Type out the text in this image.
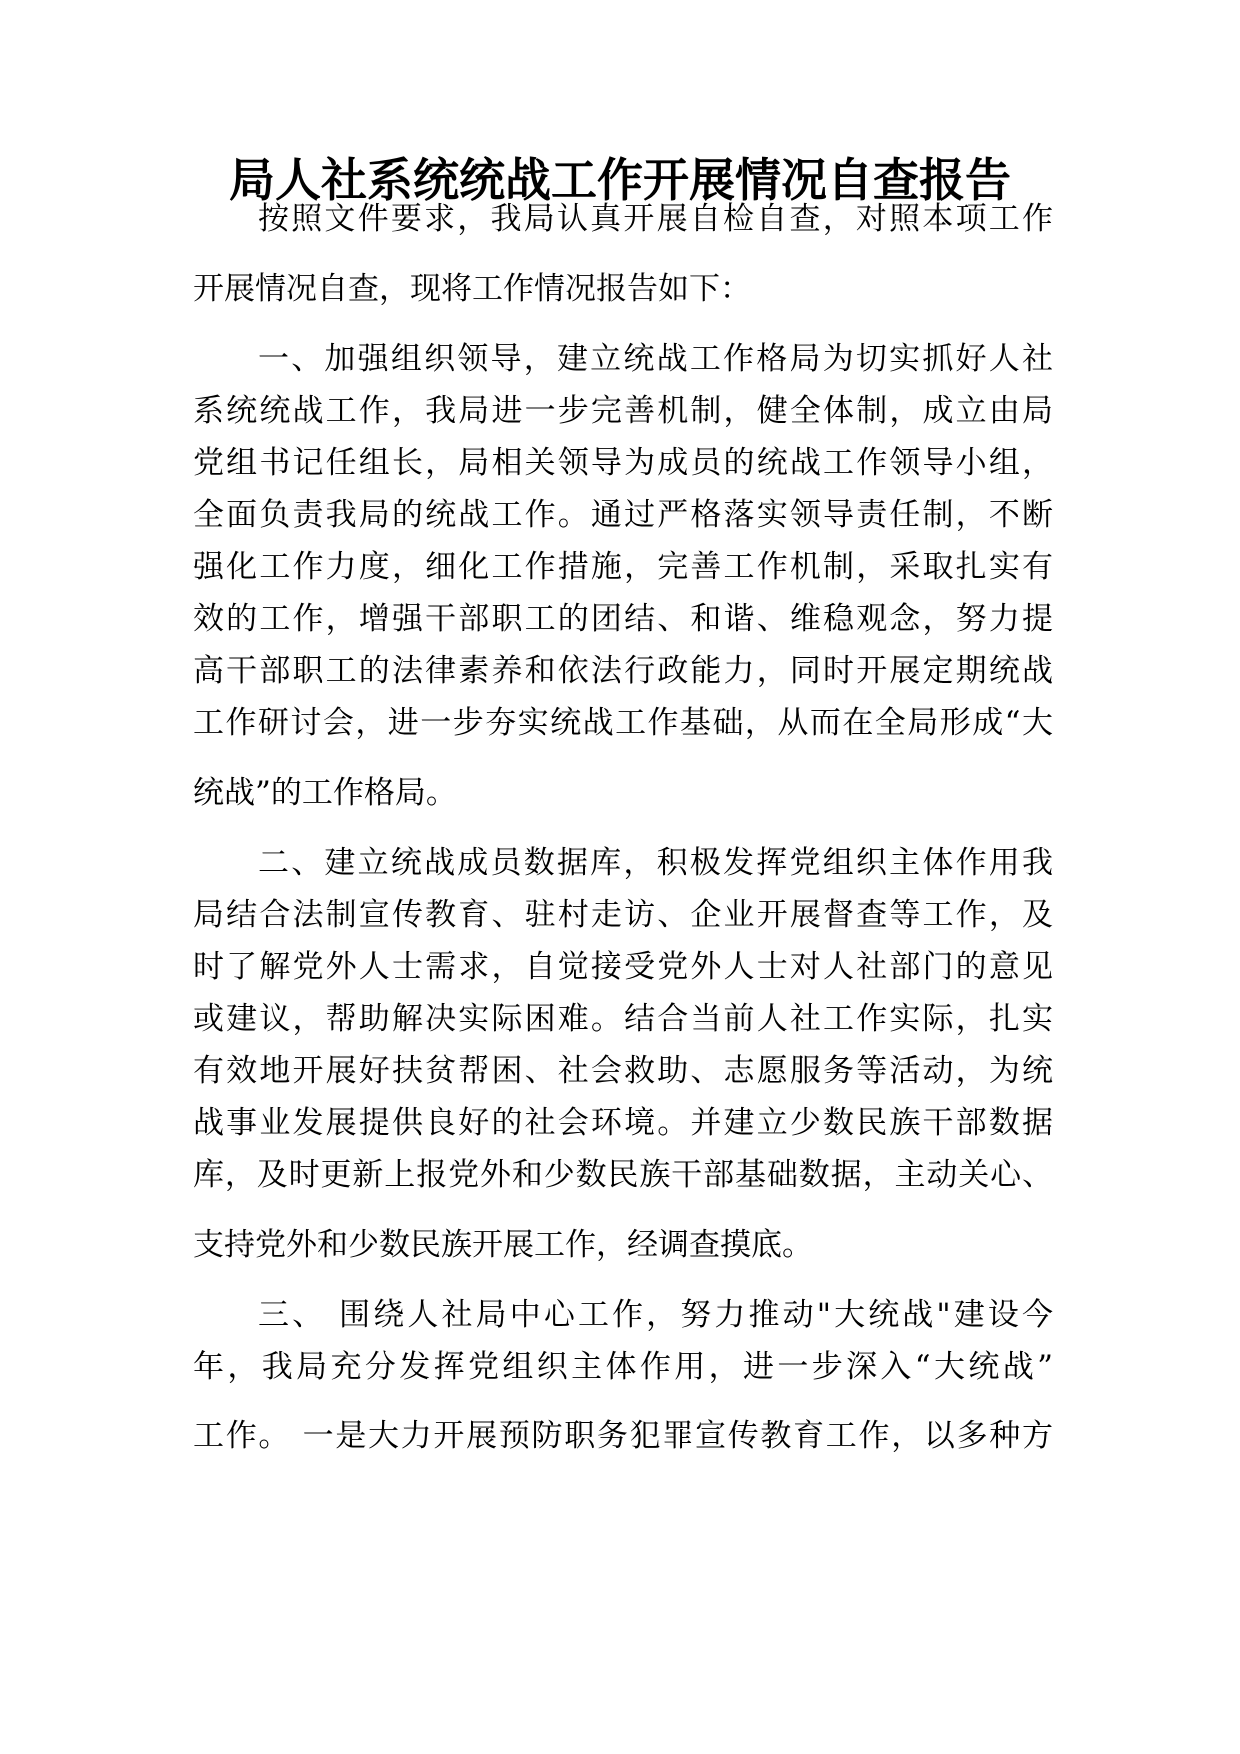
局人社系统统战工作开展情况自查报告

按照文件要求，我局认真开展自检自查，对照本项工作

开展情况自查，现将工作情况报告如下：

一、加强组织领导，建立统战工作格局为切实抓好人社

系统统战工作，我局进一步完善机制，健全体制，成立由局

党组书记任组长，局相关领导为成员的统战工作领导小组，

全面负责我局的统战工作。通过严格落实领导责任制，不断

强化工作力度，细化工作措施，完善工作机制，采取扎实有

效的工作，增强干部职工的团结、和谐、维稳观念，努力提

高干部职工的法律素养和依法行政能力，同时开展定期统战

工作研讨会，进一步夯实统战工作基础，从而在全局形成“大

统战”的工作格局。

二、建立统战成员数据库，积极发挥党组织主体作用我

局结合法制宣传教育、驻村走访、企业开展督查等工作，及

时了解党外人士需求，自觉接受党外人士对人社部门的意见

或建议，帮助解决实际困难。结合当前人社工作实际，扎实

有效地开展好扶贫帮困、社会救助、志愿服务等活动，为统

战事业发展提供良好的社会环境。并建立少数民族干部数据

库，及时更新上报党外和少数民族干部基础数据，主动关心、

支持党外和少数民族开展工作，经调查摸底。

三、 围绕人社局中心工作，努力推动"大统战"建设今

年，我局充分发挥党组织主体作用，进一步深入“大统战”

工作。 一是大力开展预防职务犯罪宣传教育工作，以多种方
